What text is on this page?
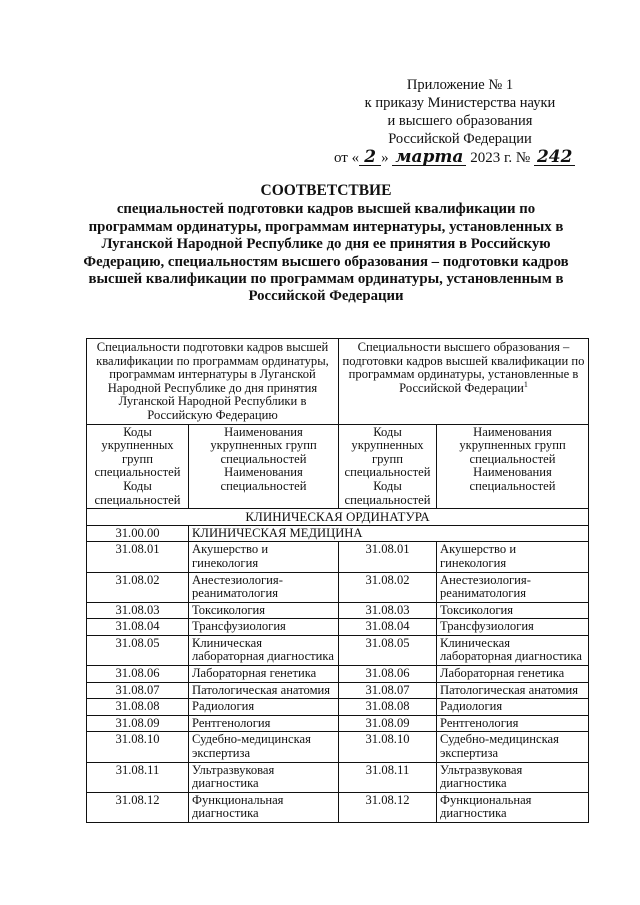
Приложение № 1
к приказу Министерства науки
и высшего образования
Российской Федерации
от « 2 » марта 2023 г. № 242
СООТВЕТСТВИЕ
специальностей подготовки кадров высшей квалификации по программам ординатуры, программам интернатуры, установленных в Луганской Народной Республике до дня ее принятия в Российскую Федерацию, специальностям высшего образования – подготовки кадров высшей квалификации по программам ординатуры, установленным в Российской Федерации
Специальности подготовки кадров высшей квалификации по программам ординатуры, программам интернатуры в Луганской Народной Республике до дня принятия Луганской Народной Республики в Российскую Федерацию		Специальности высшего образования – подготовки кадров высшей квалификации по программам ординатуры, установленные в Российской Федерации$^1$
Коды укрупненных групп специальностей Коды специальностей	Наименования укрупненных групп специальностей Наименования специальностей	Коды укрупненных групп специальностей Коды специальностей	Наименования укрупненных групп специальностей Наименования специальностей
КЛИНИЧЕСКАЯ ОРДИНАТУРА			
31.00.00	КЛИНИЧЕСКАЯ МЕДИЦИНА		
31.08.01	Акушерство и гинекология	31.08.01	Акушерство и гинекология
31.08.02	Анестезиология-реаниматология	31.08.02	Анестезиология-реаниматология
31.08.03	Токсикология	31.08.03	Токсикология
31.08.04	Трансфузиология	31.08.04	Трансфузиология
31.08.05	Клиническая лабораторная диагностика	31.08.05	Клиническая лабораторная диагностика
31.08.06	Лабораторная генетика	31.08.06	Лабораторная генетика
31.08.07	Патологическая анатомия	31.08.07	Патологическая анатомия
31.08.08	Радиология	31.08.08	Радиология
31.08.09	Рентгенология	31.08.09	Рентгенология
31.08.10	Судебно-медицинская экспертиза	31.08.10	Судебно-медицинская экспертиза
31.08.11	Ультразвуковая диагностика	31.08.11	Ультразвуковая диагностика
31.08.12	Функциональная диагностика	31.08.12	Функциональная диагностика
